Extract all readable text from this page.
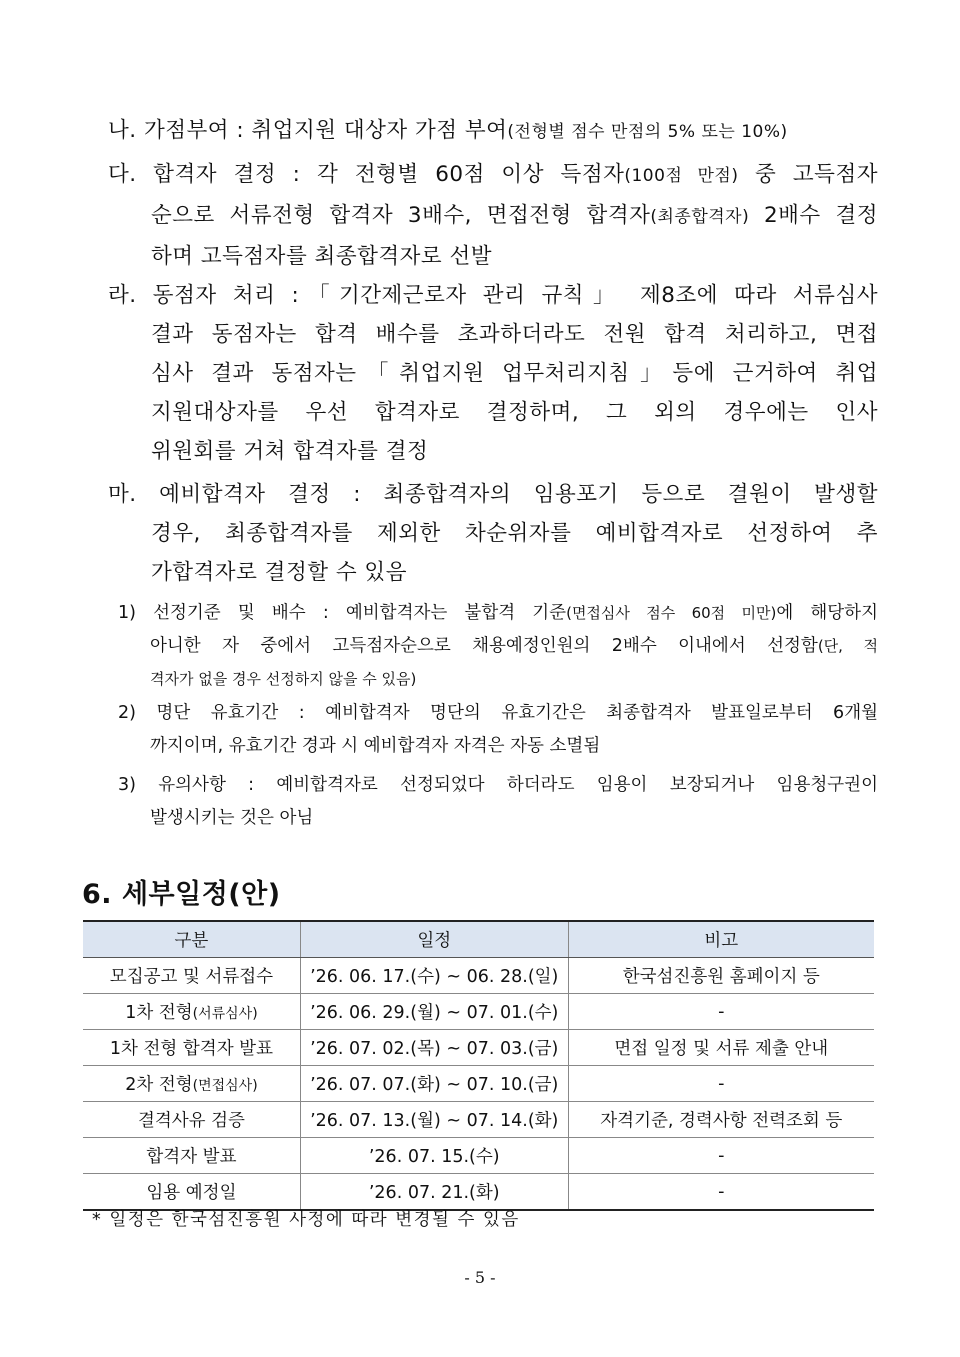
나. 가점부여 : 취업지원 대상자 가점 부여(전형별 점수 만점의 5% 또는 10%)
다. 합격자 결정 : 각 전형별 60점 이상 득점자(100점 만점) 중 고득점자
순으로 서류전형 합격자 3배수, 면접전형 합격자(최종합격자) 2배수 결정
하며 고득점자를 최종합격자로 선발
라. 동점자 처리 :「기간제근로자 관리 규칙」 제8조에 따라 서류심사
결과 동점자는 합격 배수를 초과하더라도 전원 합격 처리하고, 면접
심사 결과 동점자는「취업지원 업무처리지침」등에 근거하여 취업
지원대상자를 우선 합격자로 결정하며, 그 외의 경우에는 인사
위원회를 거쳐 합격자를 결정
마. 예비합격자 결정 : 최종합격자의 임용포기 등으로 결원이 발생할
경우, 최종합격자를 제외한 차순위자를 예비합격자로 선정하여 추
가합격자로 결정할 수 있음
1) 선정기준 및 배수 : 예비합격자는 불합격 기준(면접심사 점수 60점 미만)에 해당하지
아니한 자 중에서 고득점자순으로 채용예정인원의 2배수 이내에서 선정함(단, 적
격자가 없을 경우 선정하지 않을 수 있음)
2) 명단 유효기간 : 예비합격자 명단의 유효기간은 최종합격자 발표일로부터 6개월
까지이며, 유효기간 경과 시 예비합격자 자격은 자동 소멸됨
3) 유의사항 : 예비합격자로 선정되었다 하더라도 임용이 보장되거나 임용청구권이
발생시키는 것은 아님
6. 세부일정(안)
구분	일정	비고
모집공고 및 서류접수	’26. 06. 17.(수) ~ 06. 28.(일)	한국섬진흥원 홈페이지 등
1차 전형(서류심사)	’26. 06. 29.(월) ~ 07. 01.(수)	-
1차 전형 합격자 발표	’26. 07. 02.(목) ~ 07. 03.(금)	면접 일정 및 서류 제출 안내
2차 전형(면접심사)	’26. 07. 07.(화) ~ 07. 10.(금)	-
결격사유 검증	’26. 07. 13.(월) ~ 07. 14.(화)	자격기준, 경력사항 전력조회 등
합격자 발표	’26. 07. 15.(수)	-
임용 예정일	’26. 07. 21.(화)	-
* 일정은 한국섬진흥원 사정에 따라 변경될 수 있음
- 5 -
